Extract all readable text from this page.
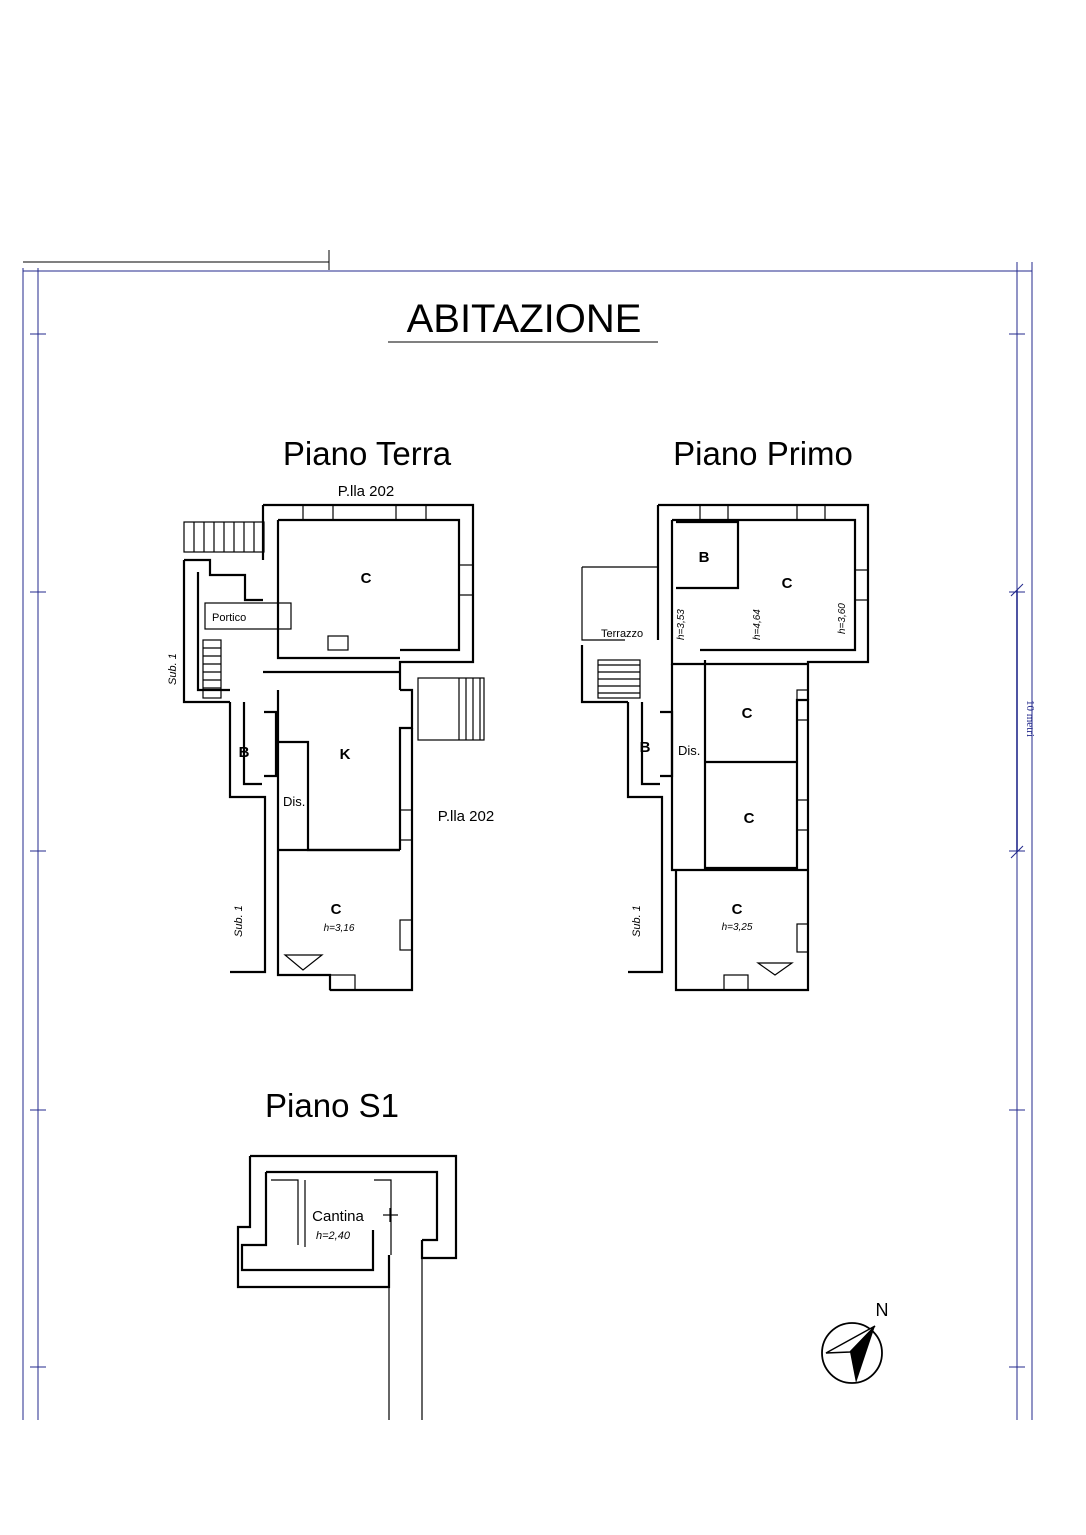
10 metri
ABITAZIONE
Piano Terra
P.lla 202
Portico
C
B	K
Dis.
C
h=3,16
P.lla 202
Sub. 1
Sub. 1
Piano Primo
B
C
h=3,53	h=4,64	h=3,60
Terrazzo
C
B Dis.
C
C
h=3,25
Sub. 1
Piano S1
Cantina
h=2,40
N
